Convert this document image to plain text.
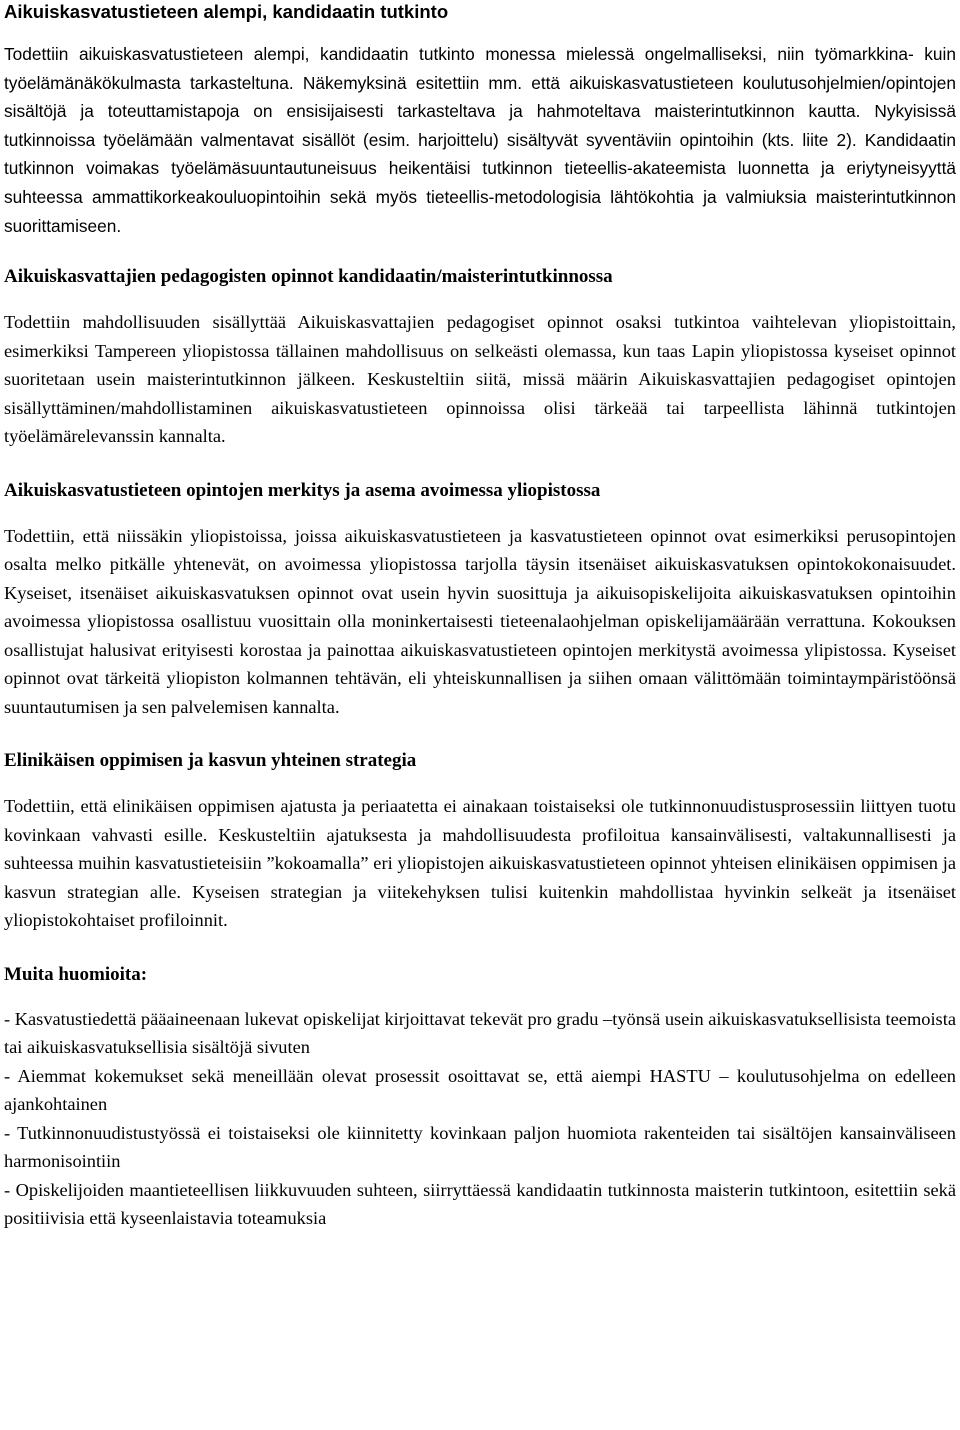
Aikuiskasvatustieteen alempi, kandidaatin tutkinto

Todettiin aikuiskasvatustieteen alempi, kandidaatin tutkinto monessa mielessä ongelmalliseksi, niin työmarkkina- kuin työelämänäkökulmasta tarkasteltuna. Näkemyksinä esitettiin mm. että aikuiskasvatustieteen koulutusohjelmien/opintojen sisältöjä ja toteuttamistapoja on ensisijaisesti tarkasteltava ja hahmoteltava maisterintutkinnon kautta. Nykyisissä tutkinnoissa työelämään valmentavat sisällöt (esim. harjoittelu) sisältyvät syventäviin opintoihin (kts. liite 2). Kandidaatin tutkinnon voimakas työelämäsuuntautuneisuus heikentäisi tutkinnon tieteellis-akateemista luonnetta ja eriytyneisyyttä suhteessa ammattikorkeakouluopintoihin sekä myös tieteellis-metodologisia lähtökohtia ja valmiuksia maisterintutkinnon suorittamiseen.

Aikuiskasvattajien pedagogisten opinnot kandidaatin/maisterintutkinnossa

Todettiin mahdollisuuden sisällyttää Aikuiskasvattajien pedagogiset opinnot osaksi tutkintoa vaihtelevan yliopistoittain, esimerkiksi Tampereen yliopistossa tällainen mahdollisuus on selkeästi olemassa, kun taas Lapin yliopistossa kyseiset opinnot suoritetaan usein maisterintutkinnon jälkeen. Keskusteltiin siitä, missä määrin Aikuiskasvattajien pedagogiset opintojen sisällyttäminen/mahdollistaminen aikuiskasvatustieteen opinnoissa olisi tärkeää tai tarpeellista lähinnä tutkintojen työelämärelevanssin kannalta.

Aikuiskasvatustieteen opintojen merkitys ja asema avoimessa yliopistossa

Todettiin, että niissäkin yliopistoissa, joissa aikuiskasvatustieteen ja kasvatustieteen opinnot ovat esimerkiksi perusopintojen osalta melko pitkälle yhtenevät, on avoimessa yliopistossa tarjolla täysin itsenäiset aikuiskasvatuksen opintokokonaisuudet. Kyseiset, itsenäiset aikuiskasvatuksen opinnot ovat usein hyvin suosittuja ja aikuisopiskelijoita aikuiskasvatuksen opintoihin avoimessa yliopistossa osallistuu vuosittain olla moninkertaisesti tieteenalaohjelman opiskelijamäärään verrattuna. Kokouksen osallistujat halusivat erityisesti korostaa ja painottaa aikuiskasvatustieteen opintojen merkitystä avoimessa ylipistossa. Kyseiset opinnot ovat tärkeitä yliopiston kolmannen tehtävän, eli yhteiskunnallisen ja siihen omaan välittömään toimintaympäristöönsä suuntautumisen ja sen palvelemisen kannalta.

Elinikäisen oppimisen ja kasvun yhteinen strategia

Todettiin, että elinikäisen oppimisen ajatusta ja periaatetta ei ainakaan toistaiseksi ole tutkinnonuudistusprosessiin liittyen tuotu kovinkaan vahvasti esille. Keskusteltiin ajatuksesta ja mahdollisuudesta profiloitua kansainvälisesti, valtakunnallisesti ja suhteessa muihin kasvatustieteisiin ”kokoamalla” eri yliopistojen aikuiskasvatustieteen opinnot yhteisen elinikäisen oppimisen ja kasvun strategian alle. Kyseisen strategian ja viitekehyksen tulisi kuitenkin mahdollistaa hyvinkin selkeät ja itsenäiset yliopistokohtaiset profiloinnit.

Muita huomioita:

- Kasvatustiedettä pääaineenaan lukevat opiskelijat kirjoittavat tekevät pro gradu –työnsä usein aikuiskasvatuksellisista teemoista tai aikuiskasvatuksellisia sisältöjä sivuten

- Aiemmat kokemukset sekä meneillään olevat prosessit osoittavat se, että aiempi HASTU – koulutusohjelma on edelleen ajankohtainen

- Tutkinnonuudistustyössä ei toistaiseksi ole kiinnitetty kovinkaan paljon huomiota rakenteiden tai sisältöjen kansainväliseen harmonisointiin

- Opiskelijoiden maantieteellisen liikkuvuuden suhteen, siirryttäessä kandidaatin tutkinnosta maisterin tutkintoon, esitettiin sekä positiivisia että kyseenlaistavia toteamuksia
